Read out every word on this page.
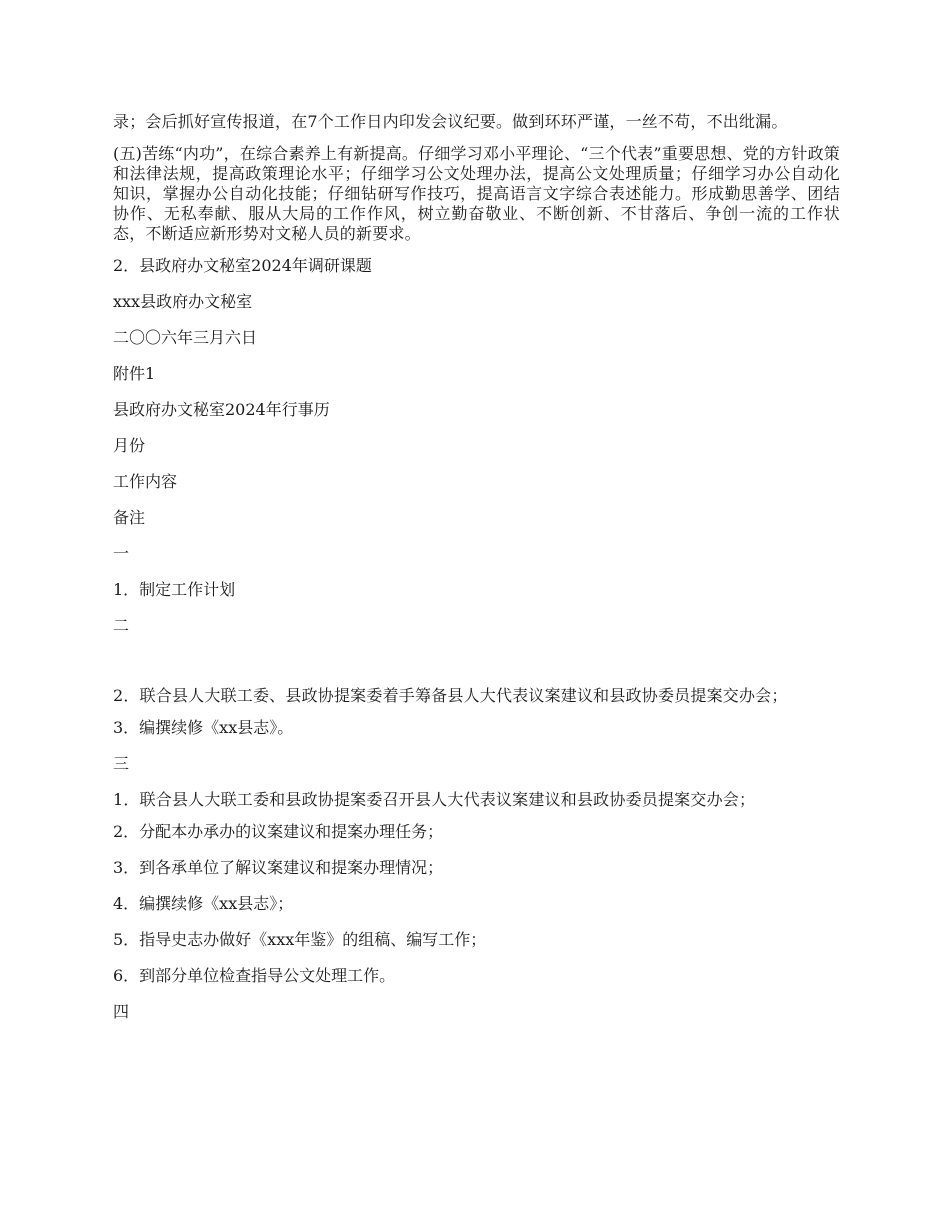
录；会后抓好宣传报道，在7个工作日内印发会议纪要。做到环环严谨，一丝不苟，不出纰漏。

(五)苦练“内功”，在综合素养上有新提高。仔细学习邓小平理论、“三个代表”重要思想、党的方针政策和法律法规，提高政策理论水平；仔细学习公文处理办法，提高公文处理质量；仔细学习办公自动化知识，掌握办公自动化技能；仔细钻研写作技巧，提高语言文字综合表述能力。形成勤思善学、团结协作、无私奉献、服从大局的工作作风，树立勤奋敬业、不断创新、不甘落后、争创一流的工作状态，不断适应新形势对文秘人员的新要求。

2．县政府办文秘室2024年调研课题

xxx县政府办文秘室

二〇〇六年三月六日

附件1

县政府办文秘室2024年行事历

月份

工作内容

备注

一

1．制定工作计划

二

2．联合县人大联工委、县政协提案委着手筹备县人大代表议案建议和县政协委员提案交办会；

3．编撰续修《xx县志》。

三

1．联合县人大联工委和县政协提案委召开县人大代表议案建议和县政协委员提案交办会；

2．分配本办承办的议案建议和提案办理任务；

3．到各承单位了解议案建议和提案办理情况；

4．编撰续修《xx县志》；

5．指导史志办做好《xxx年鉴》的组稿、编写工作；

6．到部分单位检查指导公文处理工作。

四
